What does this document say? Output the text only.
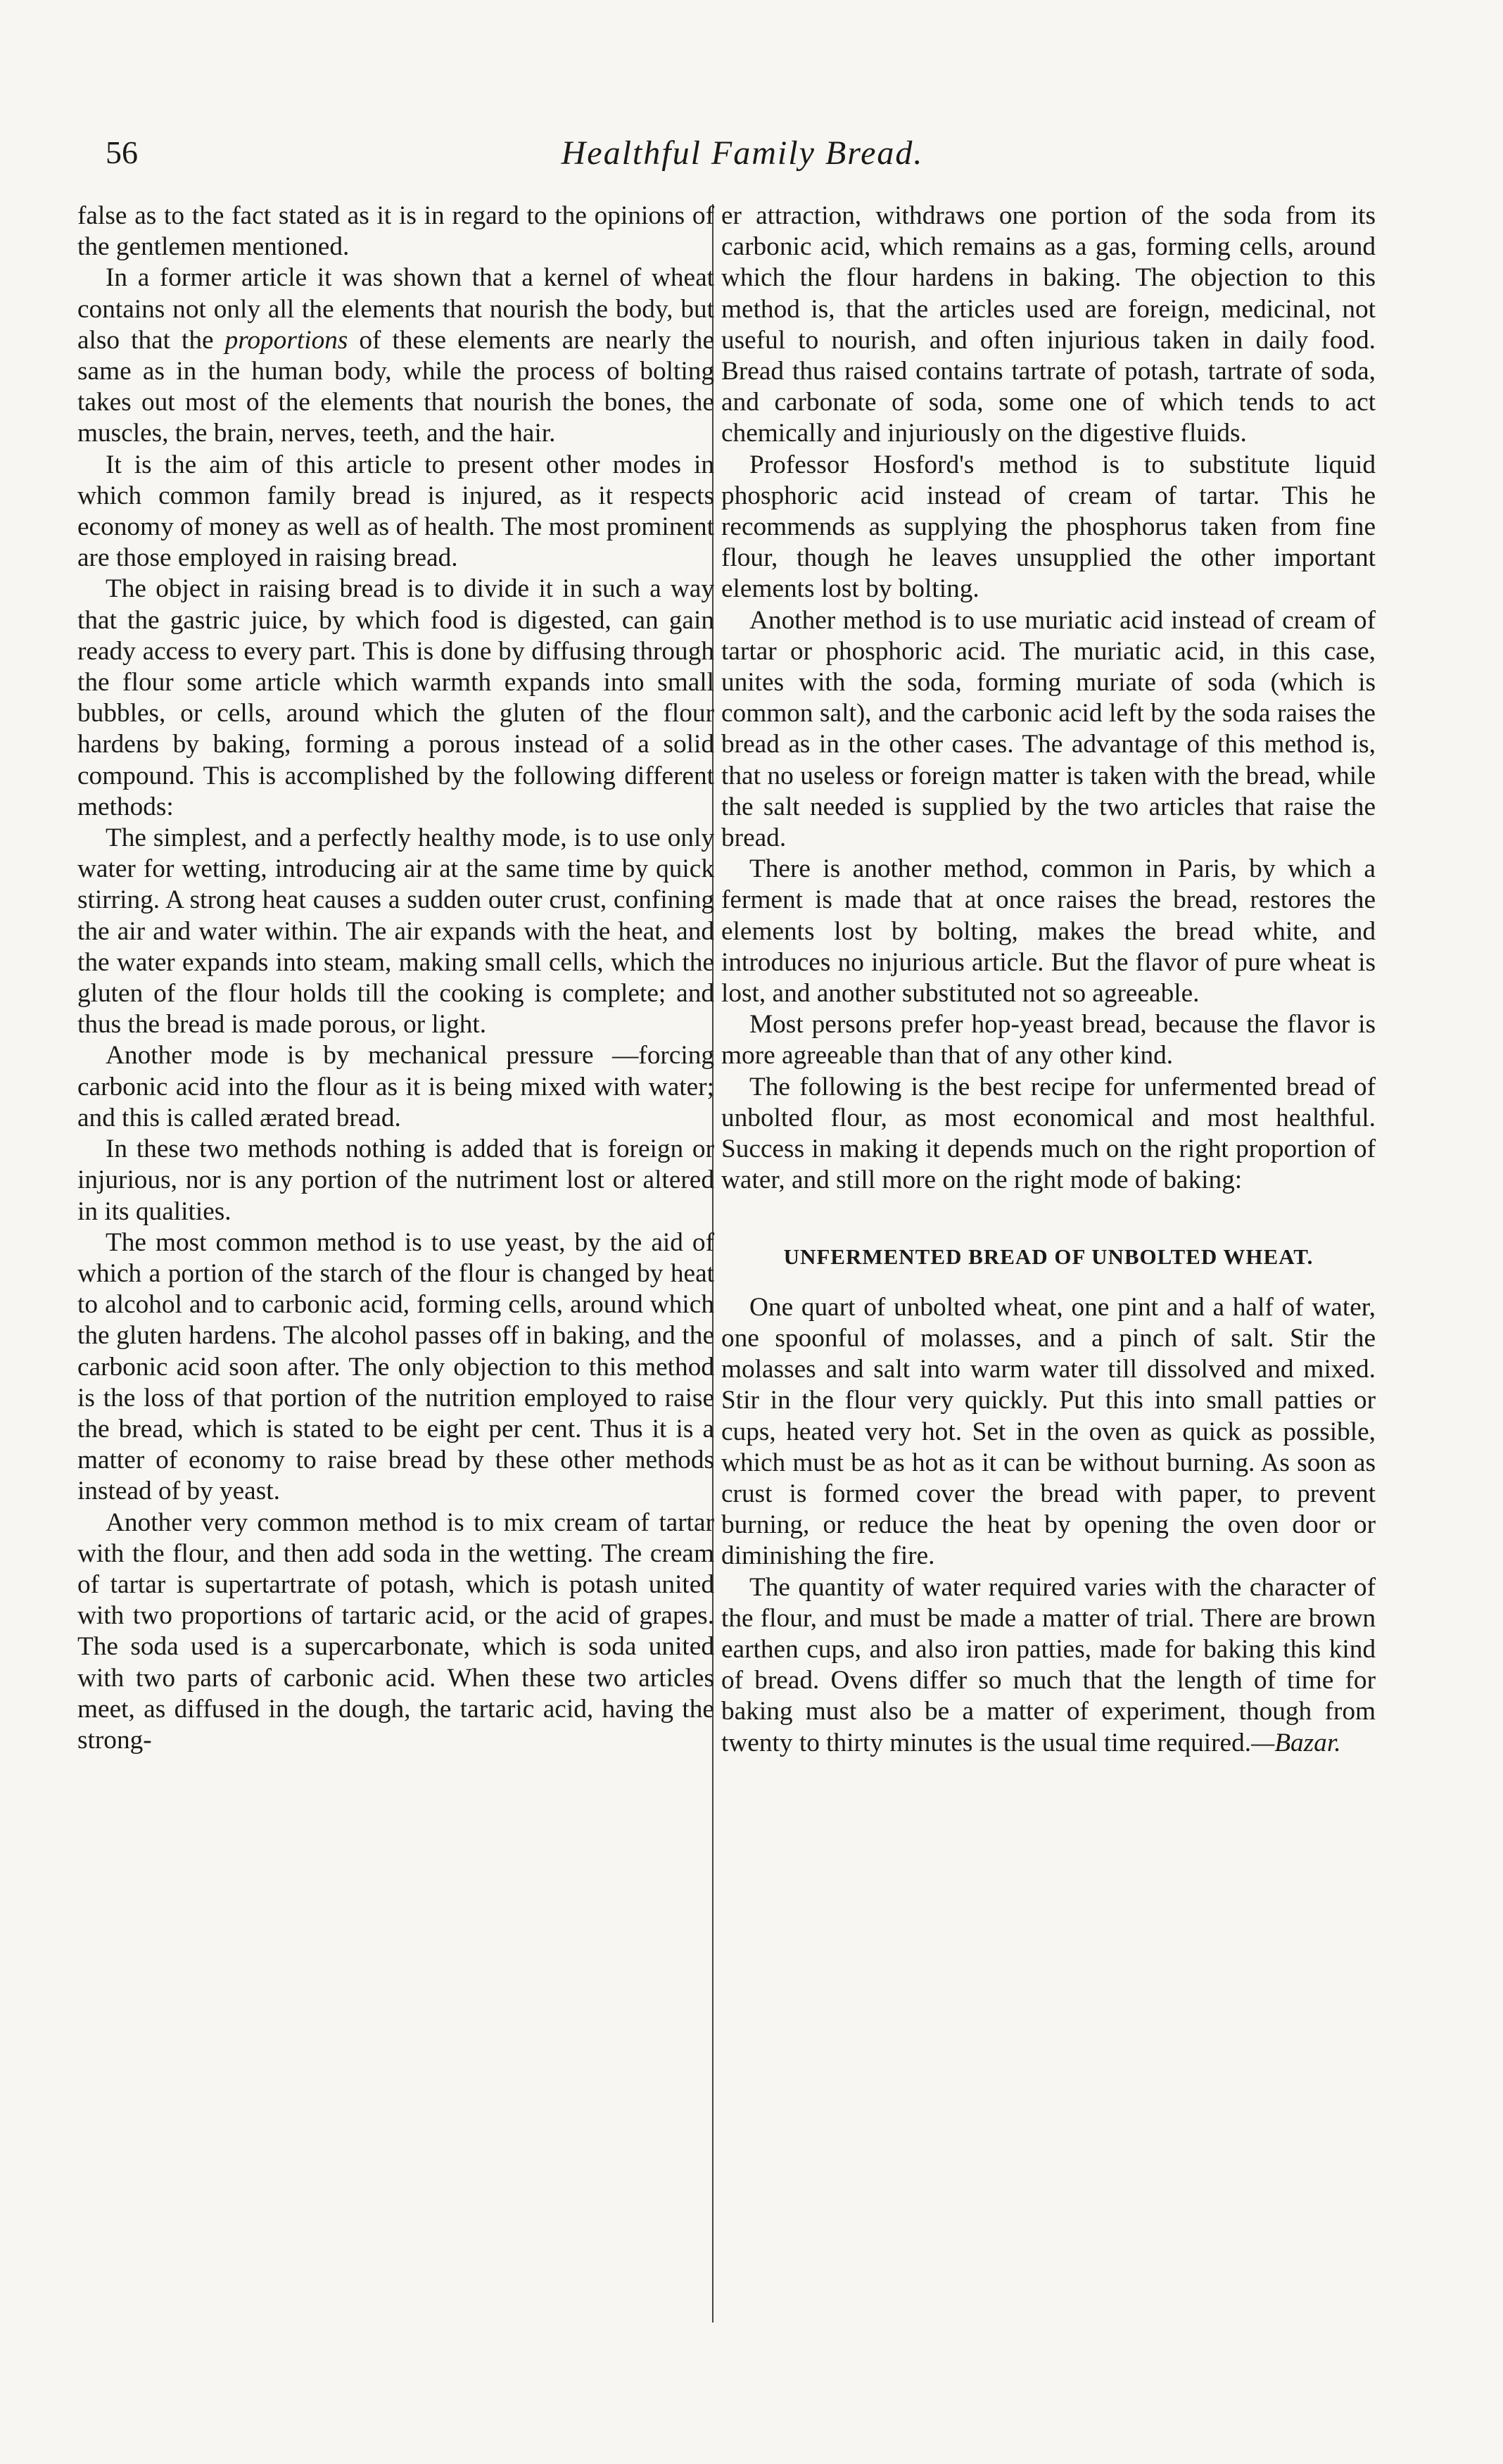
56	Healthful Family Bread.

false as to the fact stated as it is in regard to the opinions of the gentlemen mentioned.

In a former article it was shown that a kernel of wheat contains not only all the elements that nourish the body, but also that the proportions of these elements are nearly the same as in the human body, while the process of bolting takes out most of the elements that nourish the bones, the muscles, the brain, nerves, teeth, and the hair.

It is the aim of this article to present other modes in which common family bread is injured, as it respects economy of money as well as of health. The most prominent are those employed in raising bread.

The object in raising bread is to divide it in such a way that the gastric juice, by which food is digested, can gain ready access to every part. This is done by diffusing through the flour some article which warmth expands into small bubbles, or cells, around which the gluten of the flour hardens by baking, forming a porous instead of a solid compound. This is accomplished by the following different methods:

The simplest, and a perfectly healthy mode, is to use only water for wetting, introducing air at the same time by quick stirring. A strong heat causes a sudden outer crust, confining the air and water within. The air expands with the heat, and the water expands into steam, making small cells, which the gluten of the flour holds till the cooking is complete; and thus the bread is made porous, or light.

Another mode is by mechanical pressure —forcing carbonic acid into the flour as it is being mixed with water; and this is called ærated bread.

In these two methods nothing is added that is foreign or injurious, nor is any portion of the nutriment lost or altered in its qualities.

The most common method is to use yeast, by the aid of which a portion of the starch of the flour is changed by heat to alcohol and to carbonic acid, forming cells, around which the gluten hardens. The alcohol passes off in baking, and the carbonic acid soon after. The only objection to this method is the loss of that portion of the nutrition employed to raise the bread, which is stated to be eight per cent. Thus it is a matter of economy to raise bread by these other methods instead of by yeast.

Another very common method is to mix cream of tartar with the flour, and then add soda in the wetting. The cream of tartar is supertartrate of potash, which is potash united with two proportions of tartaric acid, or the acid of grapes. The soda used is a supercarbonate, which is soda united with two parts of carbonic acid. When these two articles meet, as diffused in the dough, the tartaric acid, having the strong-

er attraction, withdraws one portion of the soda from its carbonic acid, which remains as a gas, forming cells, around which the flour hardens in baking. The objection to this method is, that the articles used are foreign, medicinal, not useful to nourish, and often injurious taken in daily food. Bread thus raised contains tartrate of potash, tartrate of soda, and carbonate of soda, some one of which tends to act chemically and injuriously on the digestive fluids.

Professor Hosford's method is to substitute liquid phosphoric acid instead of cream of tartar. This he recommends as supplying the phosphorus taken from fine flour, though he leaves unsupplied the other important elements lost by bolting.

Another method is to use muriatic acid instead of cream of tartar or phosphoric acid. The muriatic acid, in this case, unites with the soda, forming muriate of soda (which is common salt), and the carbonic acid left by the soda raises the bread as in the other cases. The advantage of this method is, that no useless or foreign matter is taken with the bread, while the salt needed is supplied by the two articles that raise the bread.

There is another method, common in Paris, by which a ferment is made that at once raises the bread, restores the elements lost by bolting, makes the bread white, and introduces no injurious article. But the flavor of pure wheat is lost, and another substituted not so agreeable.

Most persons prefer hop-yeast bread, because the flavor is more agreeable than that of any other kind.

The following is the best recipe for unfermented bread of unbolted flour, as most economical and most healthful. Success in making it depends much on the right proportion of water, and still more on the right mode of baking:

UNFERMENTED BREAD OF UNBOLTED WHEAT.

One quart of unbolted wheat, one pint and a half of water, one spoonful of molasses, and a pinch of salt. Stir the molasses and salt into warm water till dissolved and mixed. Stir in the flour very quickly. Put this into small patties or cups, heated very hot. Set in the oven as quick as possible, which must be as hot as it can be without burning. As soon as crust is formed cover the bread with paper, to prevent burning, or reduce the heat by opening the oven door or diminishing the fire.

The quantity of water required varies with the character of the flour, and must be made a matter of trial. There are brown earthen cups, and also iron patties, made for baking this kind of bread. Ovens differ so much that the length of time for baking must also be a matter of experiment, though from twenty to thirty minutes is the usual time required.—Bazar.
